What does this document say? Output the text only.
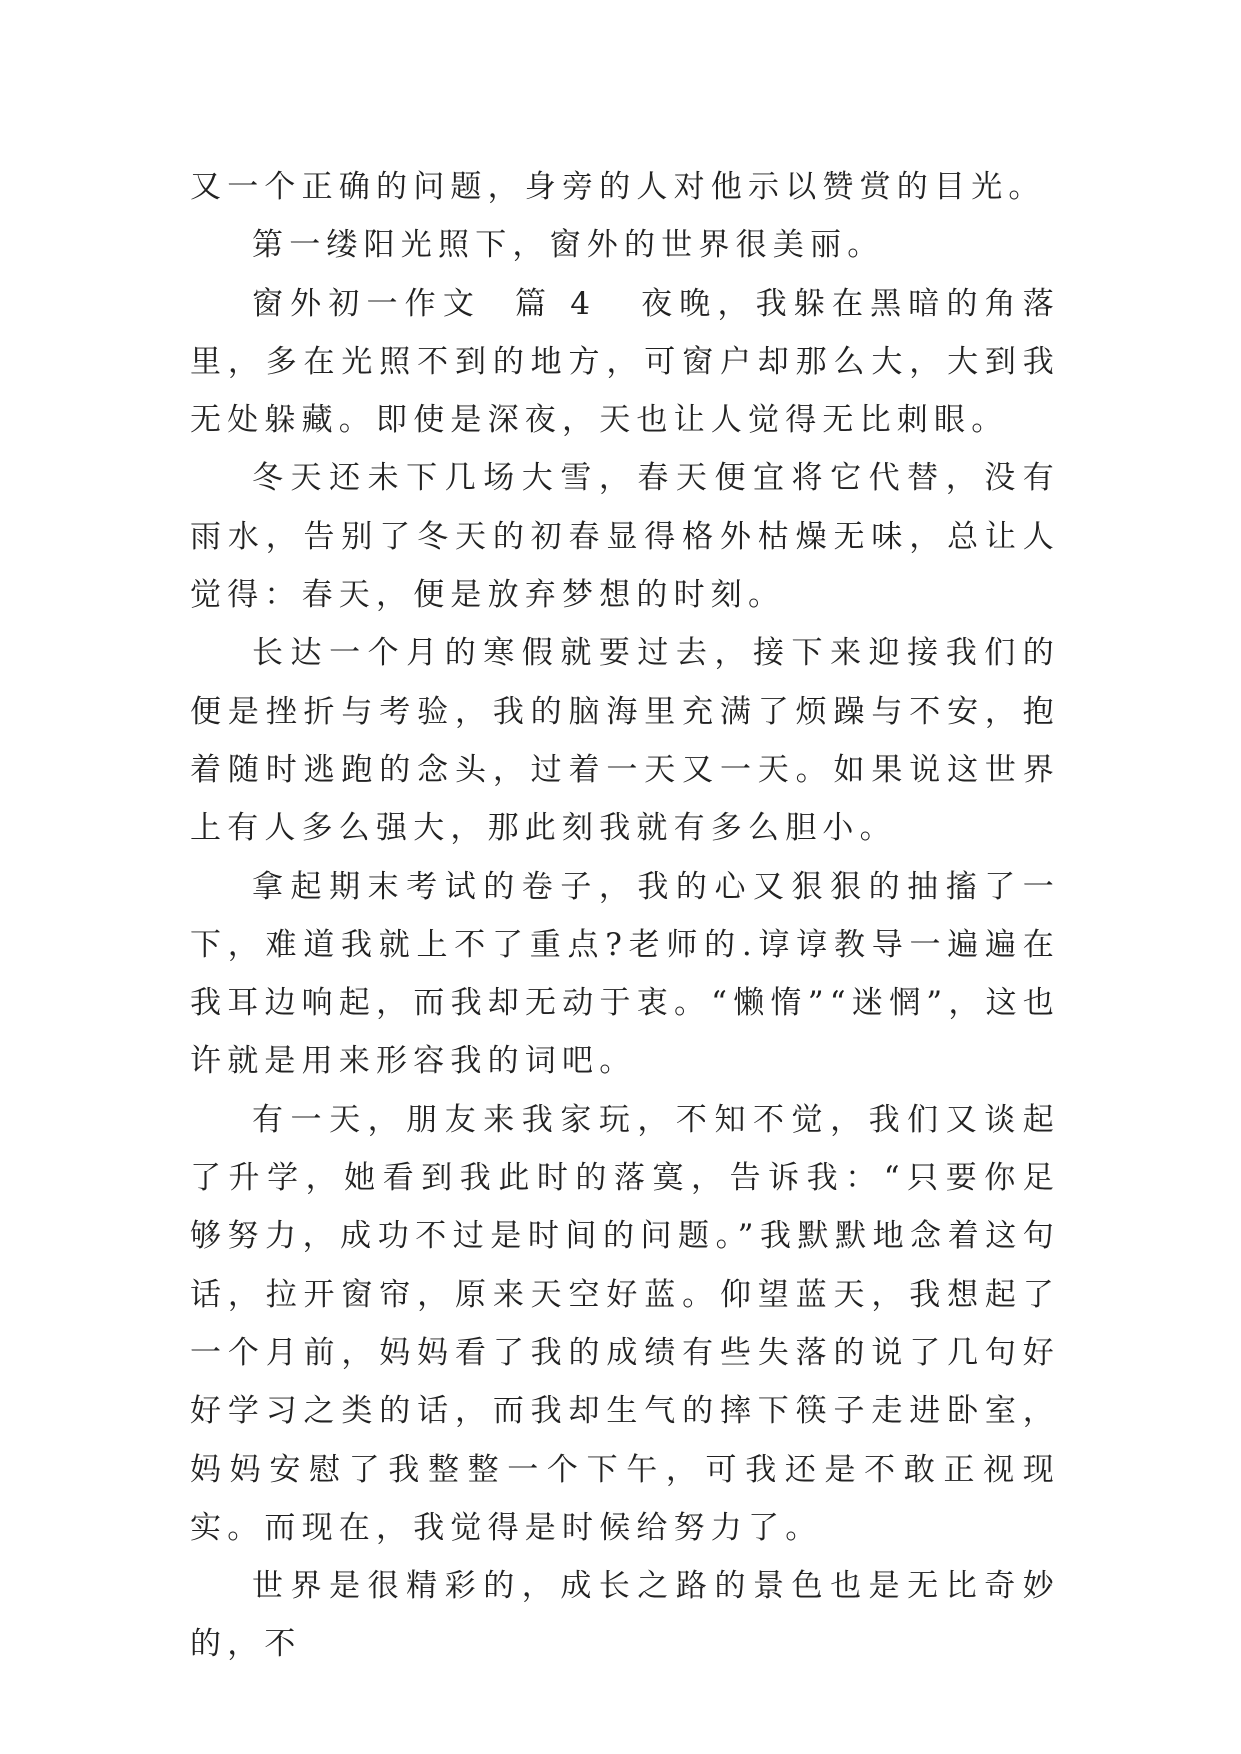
又一个正确的问题，身旁的人对他示以赞赏的目光。

第一缕阳光照下，窗外的世界很美丽。

窗外初一作文  篇 4 夜晚，我躲在黑暗的角落里，多在光照不到的地方，可窗户却那么大，大到我无处躲藏。即使是深夜，天也让人觉得无比刺眼。

冬天还未下几场大雪，春天便宜将它代替，没有雨水，告别了冬天的初春显得格外枯燥无味，总让人觉得：春天，便是放弃梦想的时刻。

长达一个月的寒假就要过去，接下来迎接我们的便是挫折与考验，我的脑海里充满了烦躁与不安，抱着随时逃跑的念头，过着一天又一天。如果说这世界上有人多么强大，那此刻我就有多么胆小。

拿起期末考试的卷子，我的心又狠狠的抽搐了一下，难道我就上不了重点?老师的.谆谆教导一遍遍在我耳边响起，而我却无动于衷。“懒惰”“迷惘”，这也许就是用来形容我的词吧。

有一天，朋友来我家玩，不知不觉，我们又谈起了升学，她看到我此时的落寞，告诉我：“只要你足够努力，成功不过是时间的问题。”我默默地念着这句话，拉开窗帘，原来天空好蓝。仰望蓝天，我想起了一个月前，妈妈看了我的成绩有些失落的说了几句好好学习之类的话，而我却生气的摔下筷子走进卧室，妈妈安慰了我整整一个下午，可我还是不敢正视现实。而现在，我觉得是时候给努力了。

世界是很精彩的，成长之路的景色也是无比奇妙的，不
